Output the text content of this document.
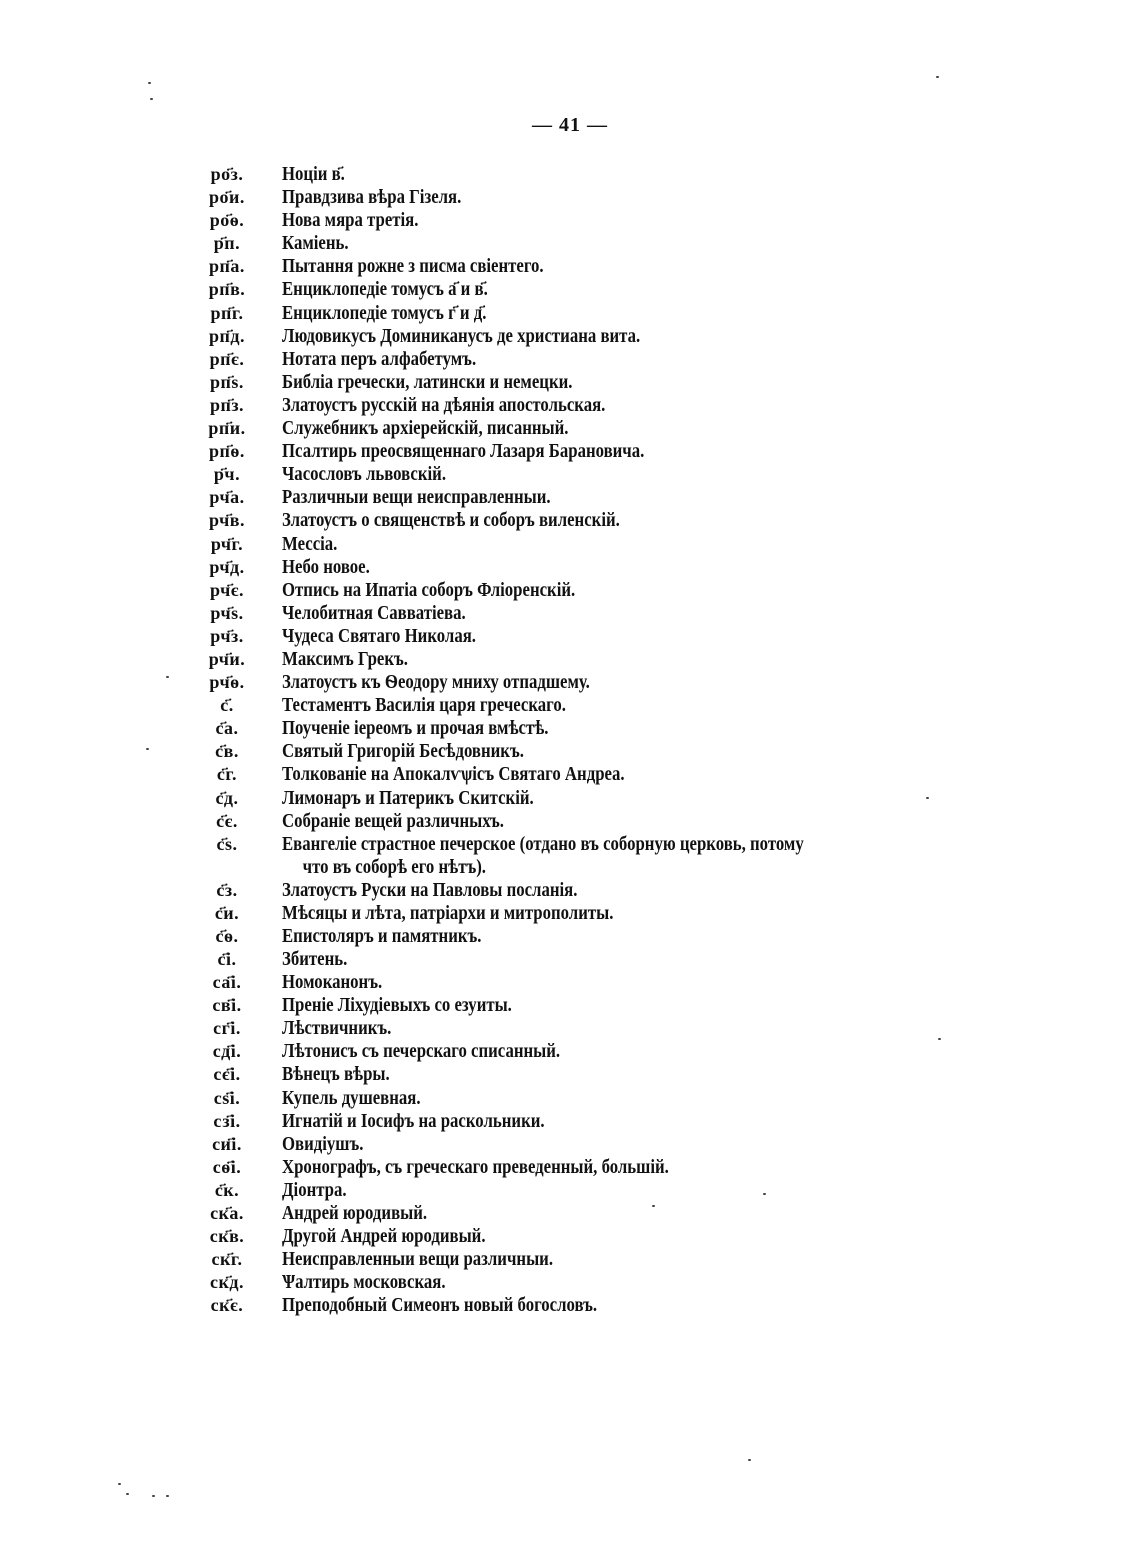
— 41 —
ро҃з.	Ноціи в҃.
ро҃и.	Правдзива вѣра Гізеля.
ро҃ѳ.	Нова мяра третія.
р҃п.	Каміень.
рп҃а.	Пытання рожне з писма свіентего.
рп҃в.	Енциклопедіе томусъ а҃ и в҃.
рп҃г.	Енциклопедіе томусъ г҃ и д҃.
рп҃д.	Людовикусъ Доминиканусъ де христиана вита.
рп҃є.	Нотата перъ алфабетумъ.
рп҃ѕ.	Библіа гречески, латински и немецки.
рп҃з.	Златоустъ русскій на дѣянія апостольская.
рп҃и.	Служебникъ архіерейскій, писанный.
рп҃ѳ.	Псалтирь преосвященнаго Лазаря Барановича.
р҃ч.	Часословъ львовскій.
рч҃а.	Различныи вещи неисправленныи.
рч҃в.	Златоустъ о священствѣ и соборъ виленскій.
рч҃г.	Мессіа.
рч҃д.	Небо новое.
рч҃є.	Отпись на Ипатіа соборъ Флioренскій.
рч҃ѕ.	Челобитная Савватіева.
рч҃з.	Чудеса Святаго Николая.
рч҃и.	Максимъ Грекъ.
рч҃ѳ.	Златоустъ къ Ѳеодору мниху отпадшему.
с҃.	Тестаментъ Василія царя греческаго.
с҃а.	Поученіе іереомъ и прочая вмѣстѣ.
с҃в.	Святый Григорій Бесѣдовникъ.
с҃г.	Толкованіе на Апокалѵѱісъ Святаго Андреа.
с҃д.	Лимонаръ и Патерикъ Скитскій.
с҃є.	Собраніе вещей различныхъ.
с҃ѕ.	Евангеліе страстное печерское (отдано въ соборную церковь, потому
что въ соборѣ его нѣтъ).
с҃з.	Златоустъ Руски на Павловы посланія.
с҃и.	Мѣсяцы и лѣта, патріархи и митрополиты.
с҃ѳ.	Епистоляръ и памятникъ.
с҃і.	Збитень.
са҃і.	Номоканонъ.
св҃і.	Преніе Ліхудіевыхъ со езуиты.
сг҃і.	Лѣствичникъ.
сд҃і.	Лѣтонисъ съ печерскаго списанный.
сє҃і.	Вѣнецъ вѣры.
сѕ҃і.	Купель душевная.
сз҃і.	Игнатій и Іосифъ на раскольники.
си҃і.	Овидіушъ.
сѳ҃і.	Хронографъ, съ греческаго преведенный, большій.
с҃к.	Діонтра.
ск҃а.	Андрей юродивый.
ск҃в.	Другой Андрей юродивый.
ск҃г.	Неисправленныи вещи различныи.
ск҃д.	Ѱалтирь московская.
ск҃є.	Преподобный Симеонъ новый богословъ.
